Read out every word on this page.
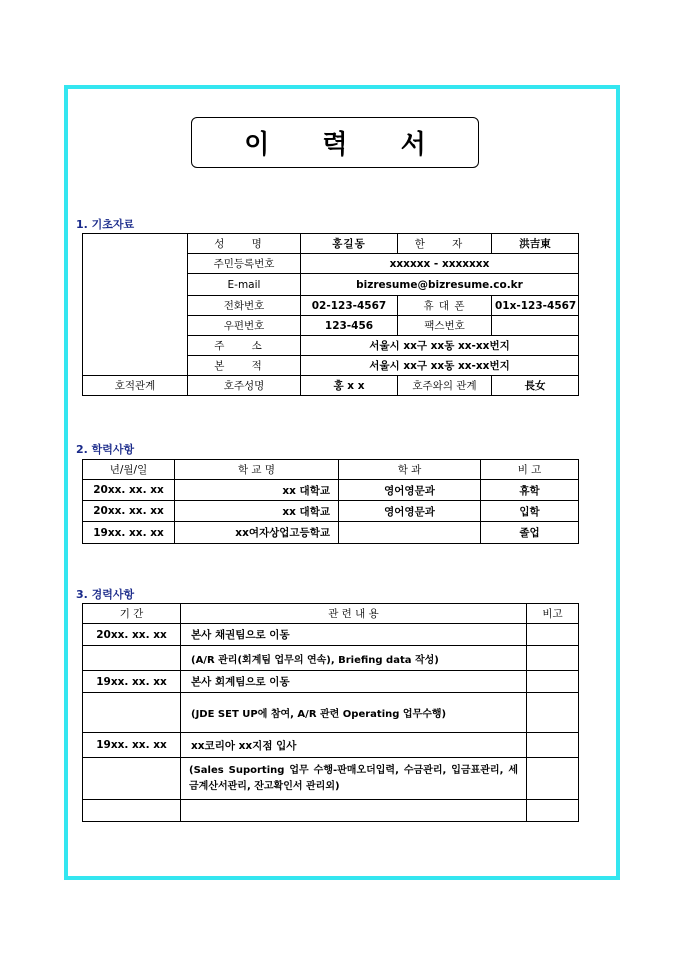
이 력 서
1. 기초자료
	성 명	홍길동	한 자	洪吉東
	주민등록번호	xxxxxx - xxxxxxx		
	E-mail	bizresume@bizresume.co.kr		
	전화번호	02-123-4567	휴 대 폰	01x-123-4567
	우편번호	123-456	팩스번호	
	주 소	서울시 xx구 xx동 xx-xx번지		
	본 적	서울시 xx구 xx동 xx-xx번지		
호적관계	호주성명	홍 x x	호주와의 관계	長女
2. 학력사항
년/월/일	학 교 명	학 과	비 고
20xx. xx. xx	xx 대학교	영어영문과	휴학
20xx. xx. xx	xx 대학교	영어영문과	입학
19xx. xx. xx	xx여자상업고등학교		졸업
3. 경력사항
기 간	관 련 내 용	비고
20xx. xx. xx	본사 채권팀으로 이동	
	(A/R 관리(회계팀 업무의 연속), Briefing data 작성)	
19xx. xx. xx	본사 회계팀으로 이동	
	(JDE SET UP에 참여, A/R 관련 Operating 업무수행)	
19xx. xx. xx	xx코리아 xx지점 입사	
	(Sales Suporting 업무 수행-판매오더입력, 수금관리, 입금표관리, 세금계산서관리, 잔고확인서 관리외)	
